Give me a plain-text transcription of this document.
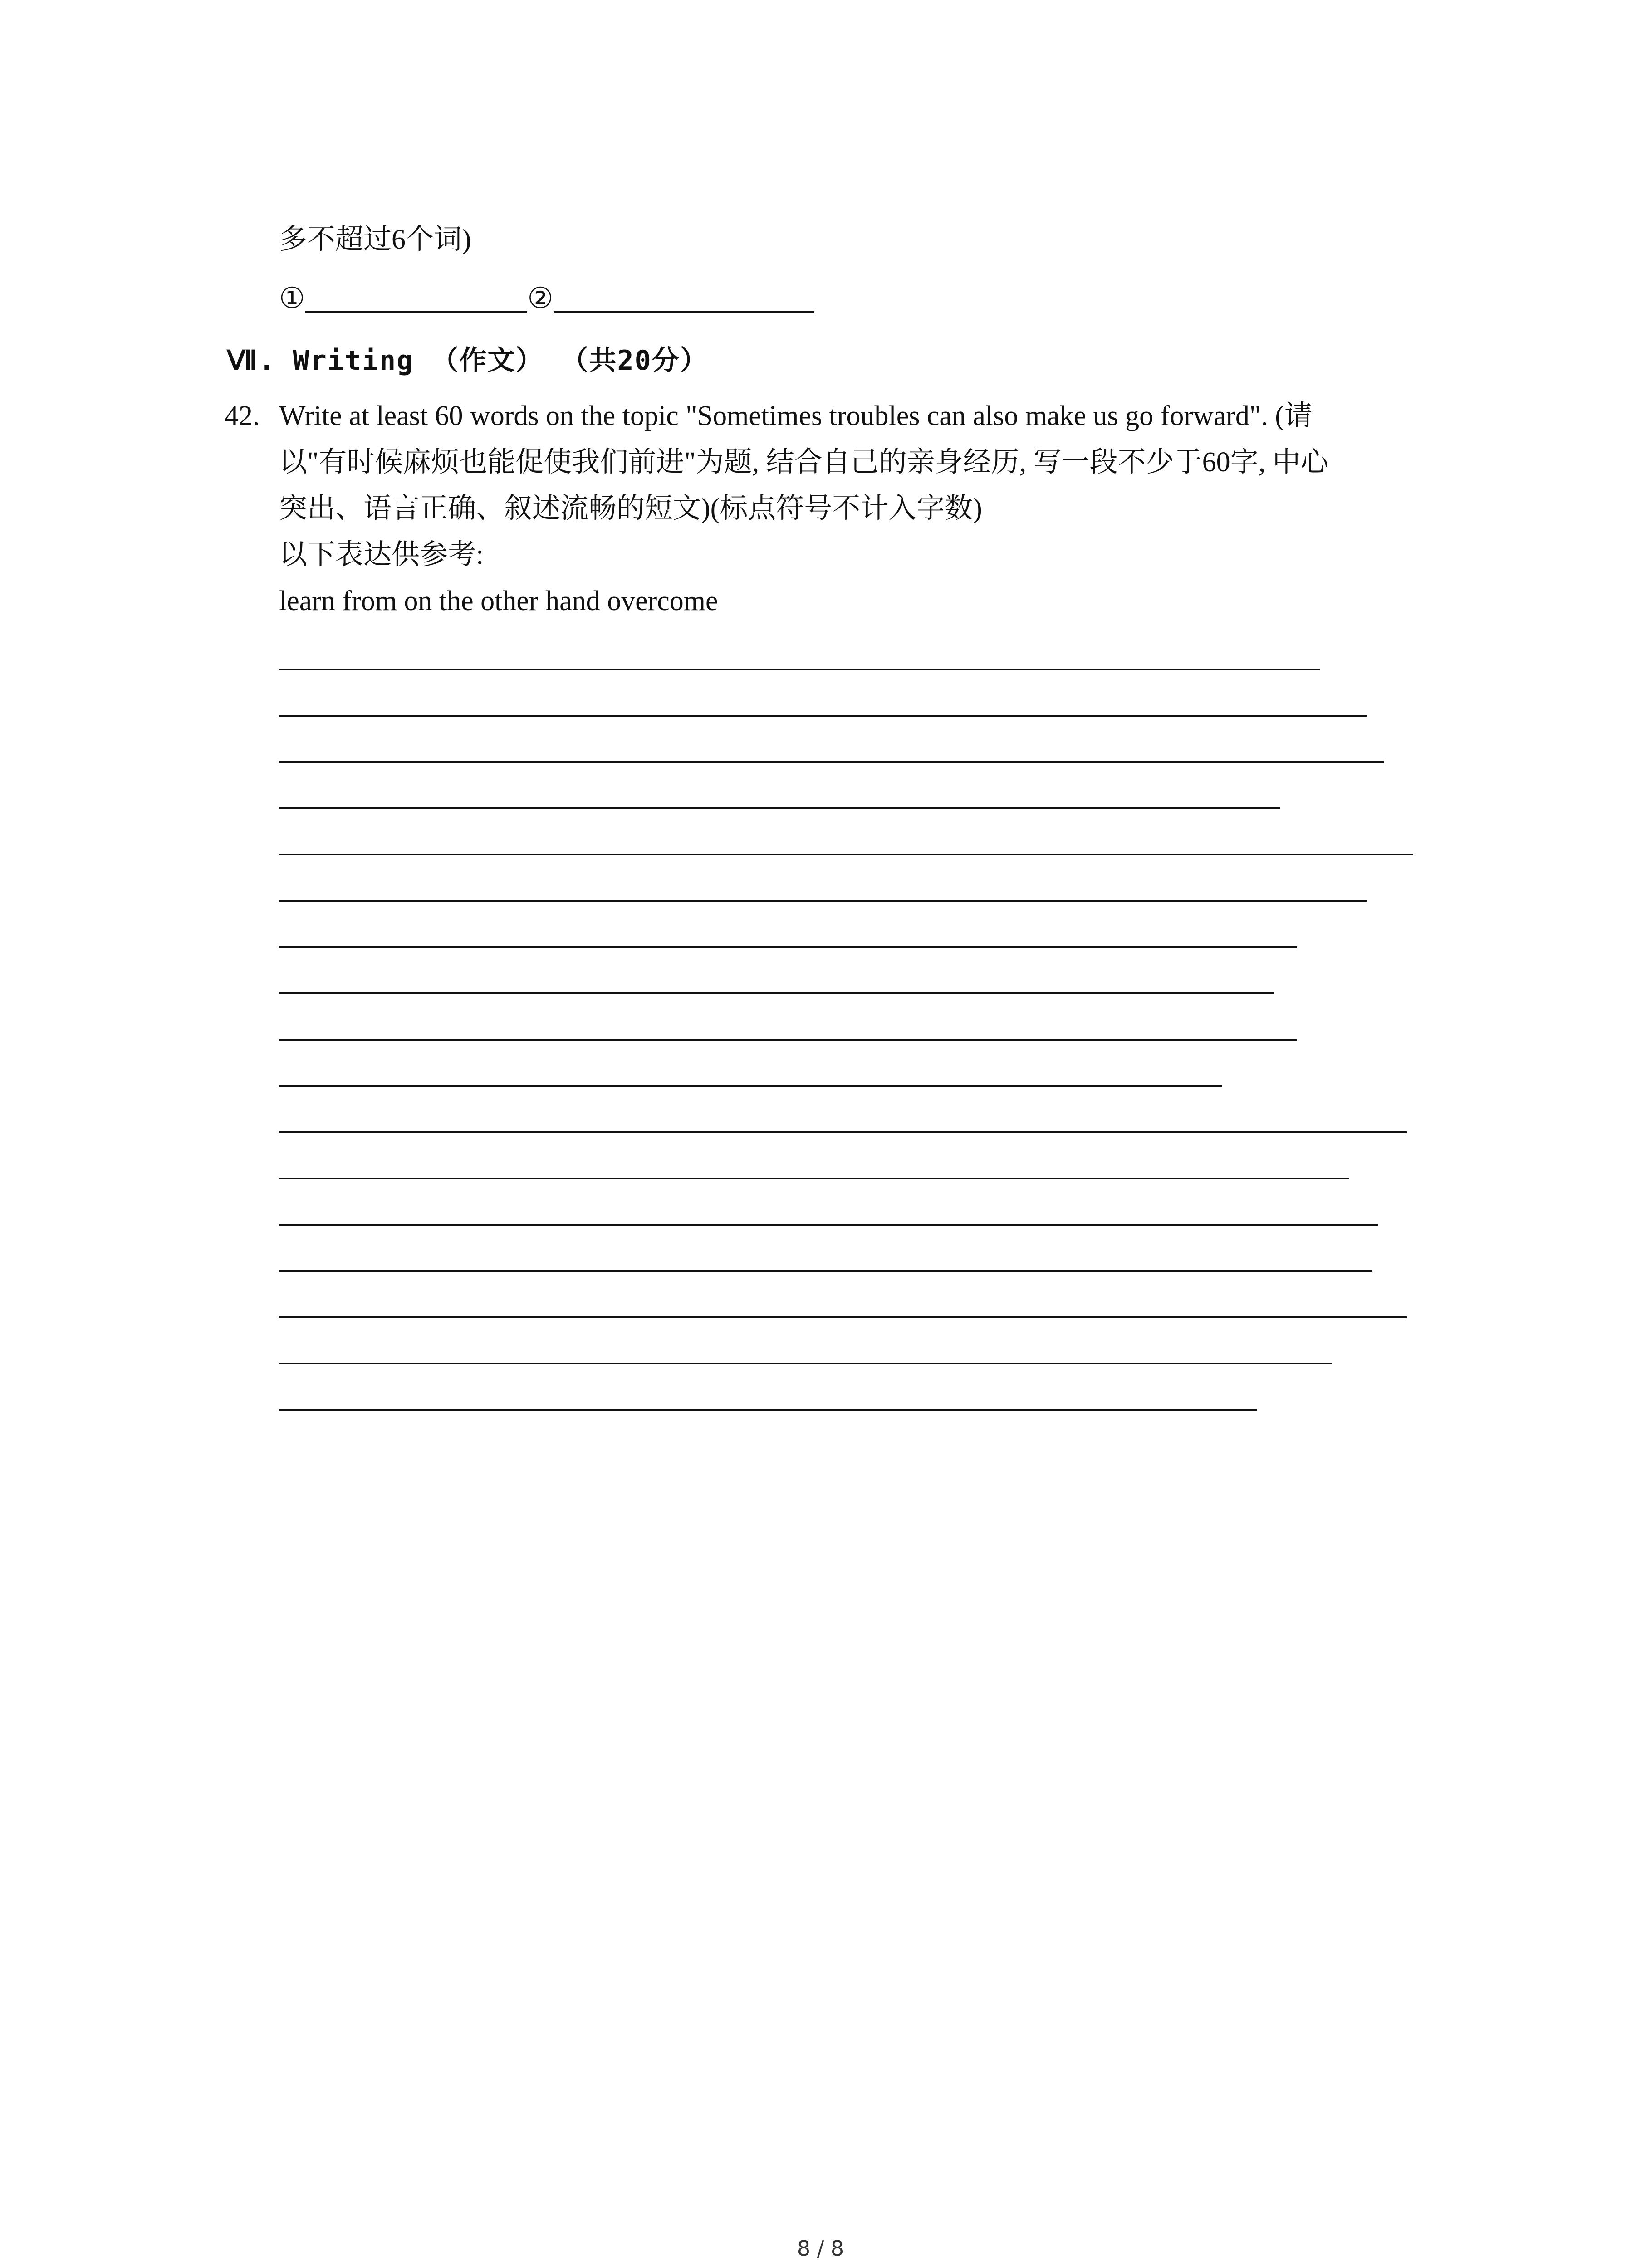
多不超过6个词)
①	②
Ⅶ. Writing （作文） （共20分）
42. Write at least 60 words on the topic "Sometimes troubles can also make us go forward". (请
以"有时候麻烦也能促使我们前进"为题, 结合自己的亲身经历, 写一段不少于60字, 中心
突出、语言正确、叙述流畅的短文)(标点符号不计入字数)
以下表达供参考:
learn from on the other hand overcome
8 / 8
